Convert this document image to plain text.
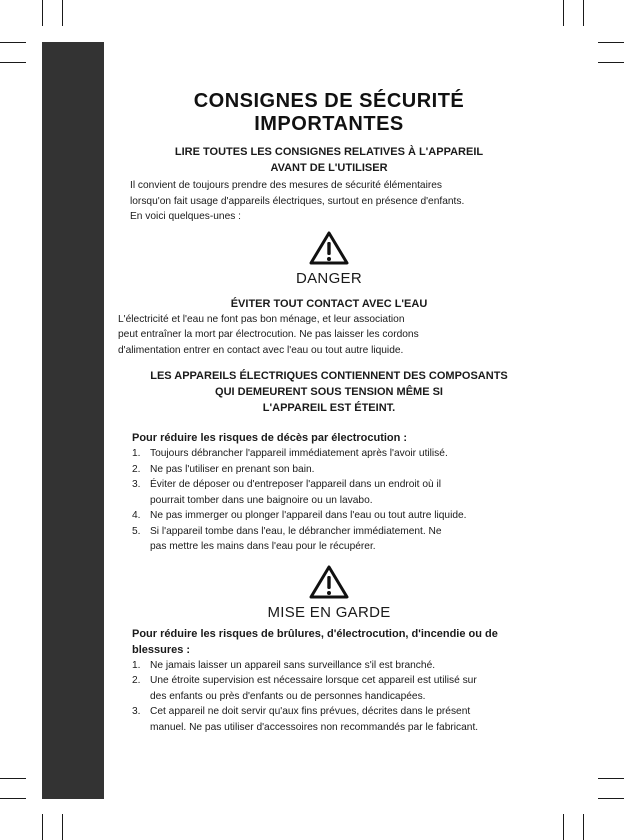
CONSIGNES DE SÉCURITÉ

IMPORTANTES

LIRE TOUTES LES CONSIGNES RELATIVES À L'APPAREIL

AVANT DE L'UTILISER

Il convient de toujours prendre des mesures de sécurité élémentaires

lorsqu'on fait usage d'appareils électriques, surtout en présence d'enfants.

En voici quelques-unes :

DANGER

ÉVITER TOUT CONTACT AVEC L'EAU

L'électricité et l'eau ne font pas bon ménage, et leur association

peut entraîner la mort par électrocution. Ne pas laisser les cordons

d'alimentation entrer en contact avec l'eau ou tout autre liquide.

LES APPAREILS ÉLECTRIQUES CONTIENNENT DES COMPOSANTS

QUI DEMEURENT SOUS TENSION MÊME SI

L'APPAREIL EST ÉTEINT.

Pour réduire les risques de décès par électrocution :

1. Toujours débrancher l'appareil immédiatement après l'avoir utilisé.
2. Ne pas l'utiliser en prenant son bain.
3. Éviter de déposer ou d'entreposer l'appareil dans un endroit où il
pourrait tomber dans une baignoire ou un lavabo.
4. Ne pas immerger ou plonger l'appareil dans l'eau ou tout autre liquide.
5. Si l'appareil tombe dans l'eau, le débrancher immédiatement. Ne
pas mettre les mains dans l'eau pour le récupérer.
MISE EN GARDE

Pour réduire les risques de brûlures, d'électrocution, d'incendie ou de

blessures :

1. Ne jamais laisser un appareil sans surveillance s'il est branché.
2. Une étroite supervision est nécessaire lorsque cet appareil est utilisé sur
des enfants ou près d'enfants ou de personnes handicapées.
3. Cet appareil ne doit servir qu'aux fins prévues, décrites dans le présent
manuel. Ne pas utiliser d'accessoires non recommandés par le fabricant.
